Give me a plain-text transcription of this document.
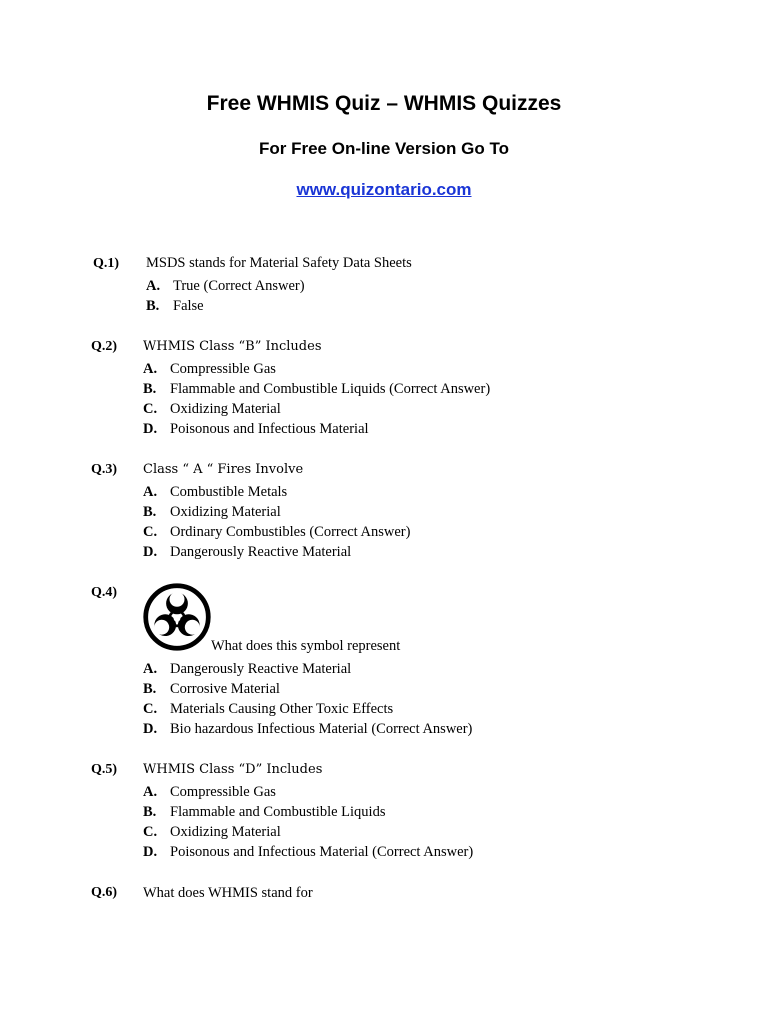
Free WHMIS Quiz – WHMIS Quizzes
For Free On-line Version Go To
www.quizontario.com
Q.1) MSDS stands for Material Safety Data Sheets
A. True (Correct Answer)
B. False
Q.2) WHMIS Class “B” Includes
A. Compressible Gas
B. Flammable and Combustible Liquids (Correct Answer)
C. Oxidizing Material
D. Poisonous and Infectious Material
Q.3) Class “ A “ Fires Involve
A. Combustible Metals
B. Oxidizing Material
C. Ordinary Combustibles (Correct Answer)
D. Dangerously Reactive Material
Q.4)
What does this symbol represent
A. Dangerously Reactive Material
B. Corrosive Material
C. Materials Causing Other Toxic Effects
D. Bio hazardous Infectious Material (Correct Answer)
Q.5) WHMIS Class “D” Includes
A. Compressible Gas
B. Flammable and Combustible Liquids
C. Oxidizing Material
D. Poisonous and Infectious Material (Correct Answer)
Q.6) What does WHMIS stand for
